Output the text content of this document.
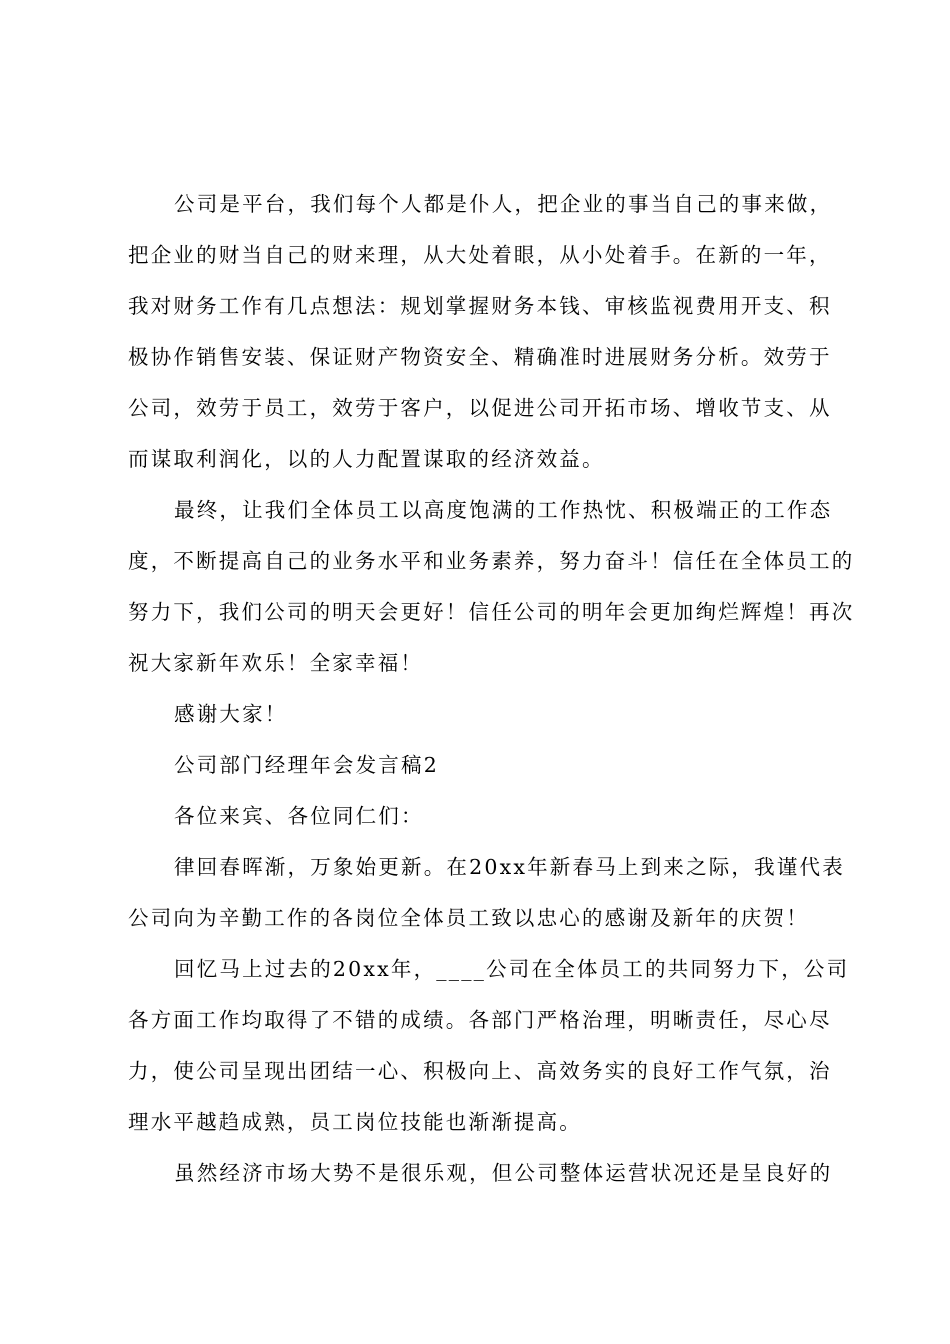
公司是平台，我们每个人都是仆人，把企业的事当自己的事来做，
把企业的财当自己的财来理，从大处着眼，从小处着手。在新的一年，
我对财务工作有几点想法：规划掌握财务本钱、审核监视费用开支、积
极协作销售安装、保证财产物资安全、精确准时进展财务分析。效劳于
公司，效劳于员工，效劳于客户，以促进公司开拓市场、增收节支、从
而谋取利润化，以的人力配置谋取的经济效益。
最终，让我们全体员工以高度饱满的工作热忱、积极端正的工作态
度，不断提高自己的业务水平和业务素养，努力奋斗！信任在全体员工的
努力下，我们公司的明天会更好！信任公司的明年会更加绚烂辉煌！再次
祝大家新年欢乐！全家幸福！
感谢大家！
公司部门经理年会发言稿2
各位来宾、各位同仁们：
律回春晖渐，万象始更新。在20xx年新春马上到来之际，我谨代表
公司向为辛勤工作的各岗位全体员工致以忠心的感谢及新年的庆贺！
回忆马上过去的20xx年，____公司在全体员工的共同努力下，公司
各方面工作均取得了不错的成绩。各部门严格治理，明晰责任，尽心尽
力，使公司呈现出团结一心、积极向上、高效务实的良好工作气氛，治
理水平越趋成熟，员工岗位技能也渐渐提高。
虽然经济市场大势不是很乐观，但公司整体运营状况还是呈良好的
